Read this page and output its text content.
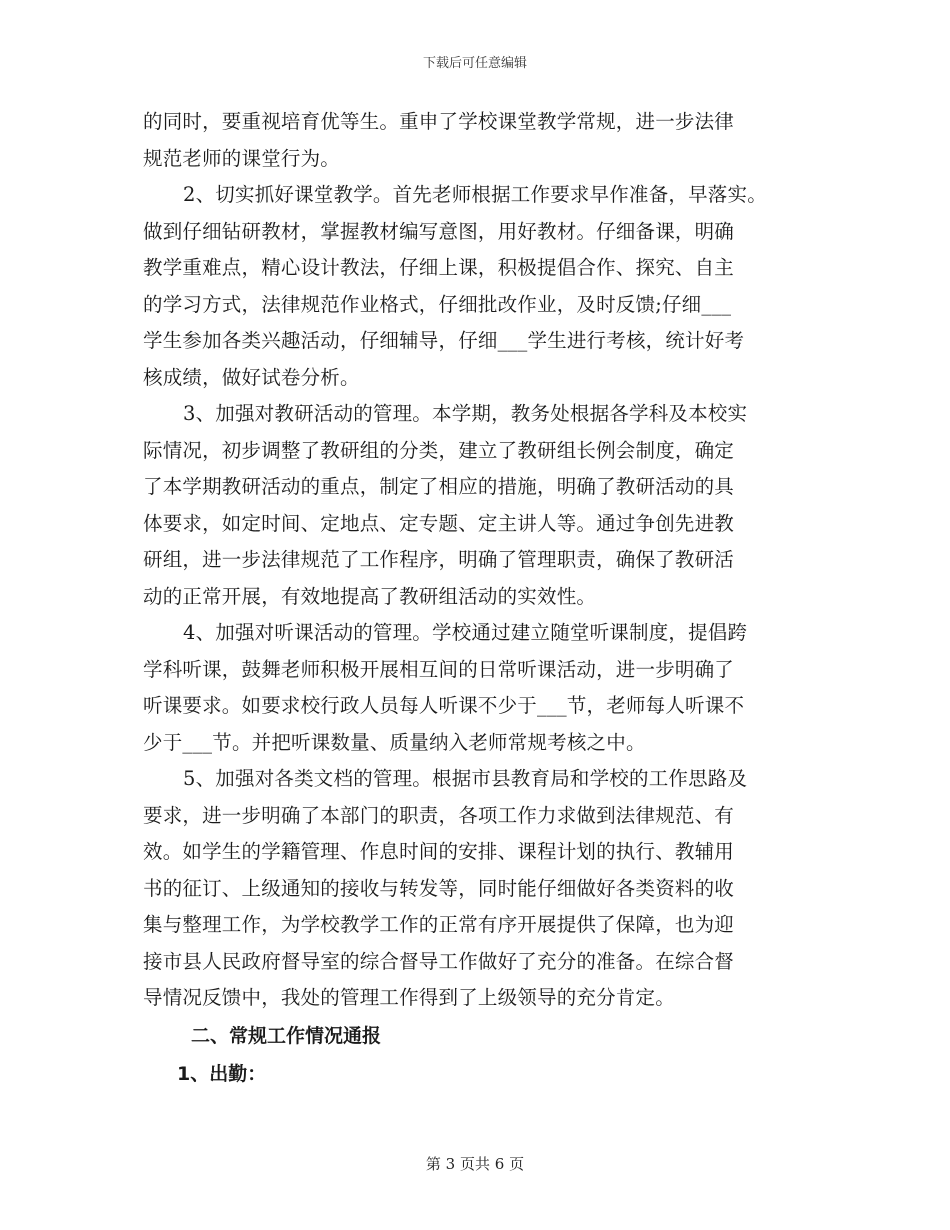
下载后可任意编辑
的同时，要重视培育优等生。重申了学校课堂教学常规，进一步法律
规范老师的课堂行为。
2、切实抓好课堂教学。首先老师根据工作要求早作准备，早落实。
做到仔细钻研教材，掌握教材编写意图，用好教材。仔细备课，明确
教学重难点，精心设计教法，仔细上课，积极提倡合作、探究、自主
的学习方式，法律规范作业格式，仔细批改作业，及时反馈;仔细___
学生参加各类兴趣活动，仔细辅导，仔细___学生进行考核，统计好考
核成绩，做好试卷分析。
3、加强对教研活动的管理。本学期，教务处根据各学科及本校实
际情况，初步调整了教研组的分类，建立了教研组长例会制度，确定
了本学期教研活动的重点，制定了相应的措施，明确了教研活动的具
体要求，如定时间、定地点、定专题、定主讲人等。通过争创先进教
研组，进一步法律规范了工作程序，明确了管理职责，确保了教研活
动的正常开展，有效地提高了教研组活动的实效性。
4、加强对听课活动的管理。学校通过建立随堂听课制度，提倡跨
学科听课，鼓舞老师积极开展相互间的日常听课活动，进一步明确了
听课要求。如要求校行政人员每人听课不少于___节，老师每人听课不
少于___节。并把听课数量、质量纳入老师常规考核之中。
5、加强对各类文档的管理。根据市县教育局和学校的工作思路及
要求，进一步明确了本部门的职责，各项工作力求做到法律规范、有
效。如学生的学籍管理、作息时间的安排、课程计划的执行、教辅用
书的征订、上级通知的接收与转发等，同时能仔细做好各类资料的收
集与整理工作，为学校教学工作的正常有序开展提供了保障，也为迎
接市县人民政府督导室的综合督导工作做好了充分的准备。在综合督
导情况反馈中，我处的管理工作得到了上级领导的充分肯定。
二、常规工作情况通报
1、出勤：
第 3 页共 6 页
